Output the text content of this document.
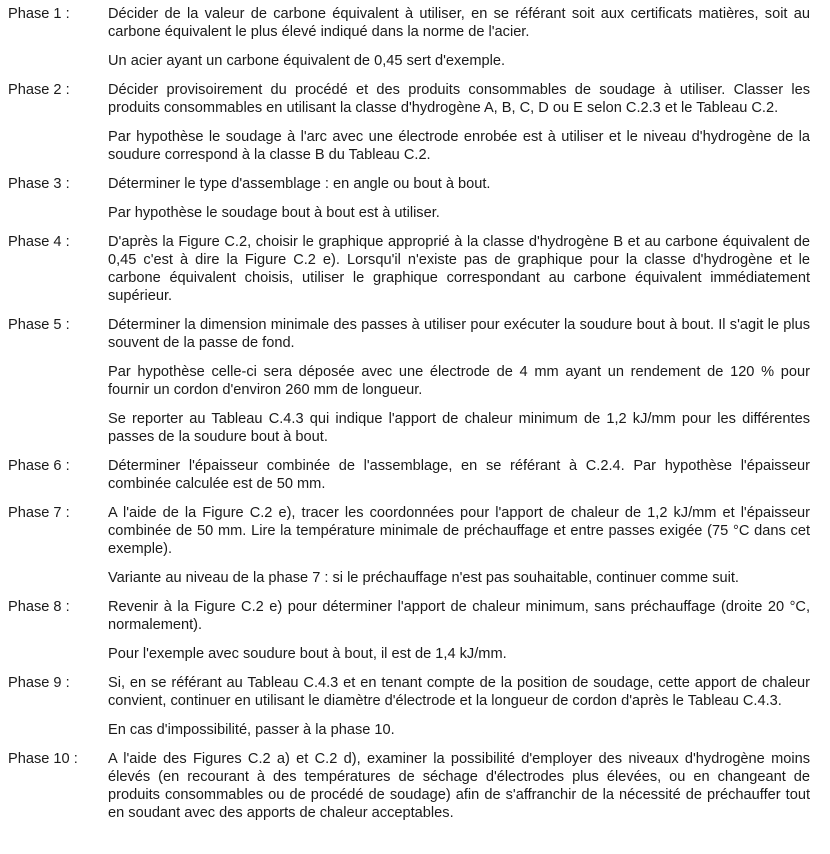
Phase 1 :	Décider de la valeur de carbone équivalent à utiliser, en se référant soit aux certificats matières, soit au carbone équivalent le plus élevé indiqué dans la norme de l'acier.

Un acier ayant un carbone équivalent de 0,45 sert d'exemple.

Phase 2 :	Décider provisoirement du procédé et des produits consommables de soudage à utiliser. Classer les produits consommables en utilisant la classe d'hydrogène A, B, C, D ou E selon C.2.3 et le Tableau C.2.

Par hypothèse le soudage à l'arc avec une électrode enrobée est à utiliser et le niveau d'hydrogène de la soudure correspond à la classe B du Tableau C.2.

Phase 3 :	Déterminer le type d'assemblage : en angle ou bout à bout.

Par hypothèse le soudage bout à bout est à utiliser.

Phase 4 :	D'après la Figure C.2, choisir le graphique approprié à la classe d'hydrogène B et au carbone équivalent de 0,45 c'est à dire la Figure C.2 e). Lorsqu'il n'existe pas de graphique pour la classe d'hydrogène et le carbone équivalent choisis, utiliser le graphique correspondant au carbone équivalent immédiatement supérieur.

Phase 5 :	Déterminer la dimension minimale des passes à utiliser pour exécuter la soudure bout à bout. Il s'agit le plus souvent de la passe de fond.

Par hypothèse celle-ci sera déposée avec une électrode de 4 mm ayant un rendement de 120 % pour fournir un cordon d'environ 260 mm de longueur.

Se reporter au Tableau C.4.3 qui indique l'apport de chaleur minimum de 1,2 kJ/mm pour les différentes passes de la soudure bout à bout.

Phase 6 :	Déterminer l'épaisseur combinée de l'assemblage, en se référant à C.2.4. Par hypothèse l'épaisseur combinée calculée est de 50 mm.

Phase 7 :	A l'aide de la Figure C.2 e), tracer les coordonnées pour l'apport de chaleur de 1,2 kJ/mm et l'épaisseur combinée de 50 mm. Lire la température minimale de préchauffage et entre passes exigée (75 °C dans cet exemple).

Variante au niveau de la phase 7 : si le préchauffage n'est pas souhaitable, continuer comme suit.

Phase 8 :	Revenir à la Figure C.2 e) pour déterminer l'apport de chaleur minimum, sans préchauffage (droite 20 °C, normalement).

Pour l'exemple avec soudure bout à bout, il est de 1,4 kJ/mm.

Phase 9 :	Si, en se référant au Tableau C.4.3 et en tenant compte de la position de soudage, cette apport de chaleur convient, continuer en utilisant le diamètre d'électrode et la longueur de cordon d'après le Tableau C.4.3.

En cas d'impossibilité, passer à la phase 10.

Phase 10 :	A l'aide des Figures C.2 a) et C.2 d), examiner la possibilité d'employer des niveaux d'hydrogène moins élevés (en recourant à des températures de séchage d'électrodes plus élevées, ou en changeant de produits consommables ou de procédé de soudage) afin de s'affranchir de la nécessité de préchauffer tout en soudant avec des apports de chaleur acceptables.
